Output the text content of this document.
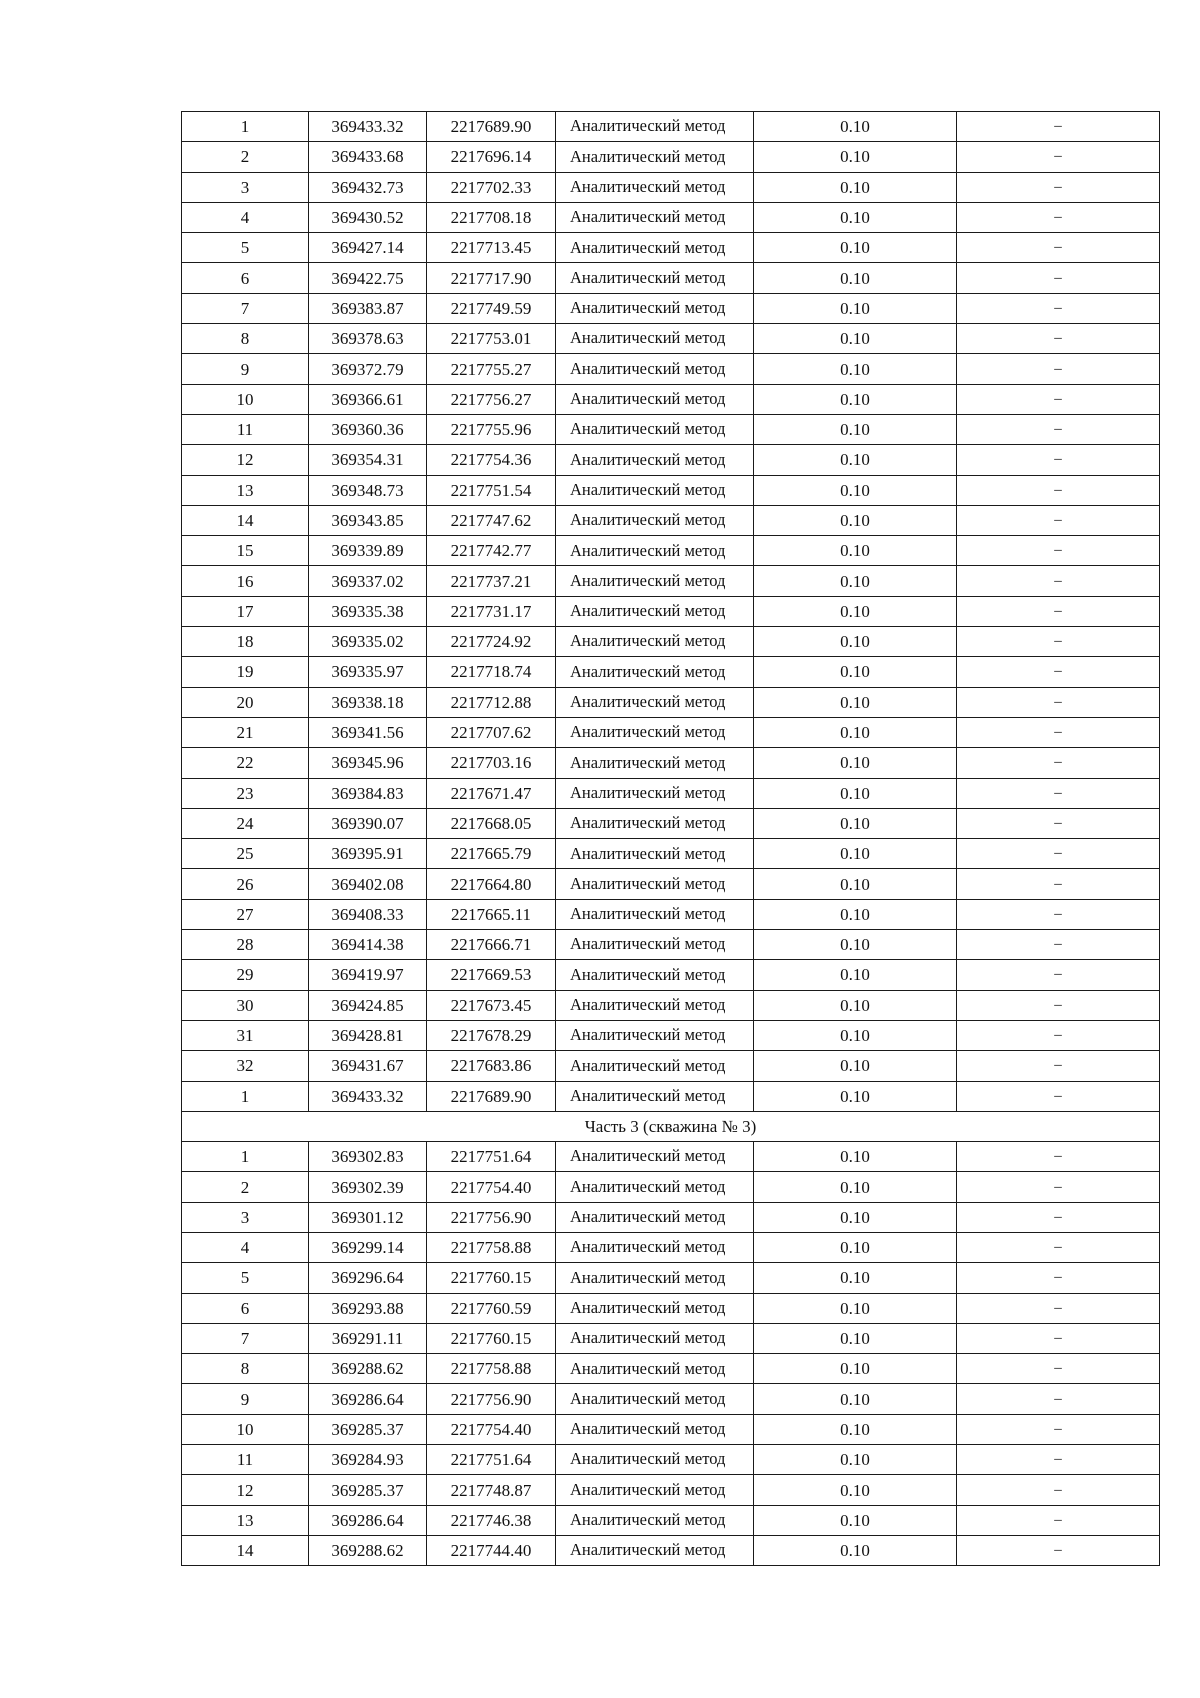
1	369433.32	2217689.90	Аналитический метод	0.10	–
2	369433.68	2217696.14	Аналитический метод	0.10	–
3	369432.73	2217702.33	Аналитический метод	0.10	–
4	369430.52	2217708.18	Аналитический метод	0.10	–
5	369427.14	2217713.45	Аналитический метод	0.10	–
6	369422.75	2217717.90	Аналитический метод	0.10	–
7	369383.87	2217749.59	Аналитический метод	0.10	–
8	369378.63	2217753.01	Аналитический метод	0.10	–
9	369372.79	2217755.27	Аналитический метод	0.10	–
10	369366.61	2217756.27	Аналитический метод	0.10	–
11	369360.36	2217755.96	Аналитический метод	0.10	–
12	369354.31	2217754.36	Аналитический метод	0.10	–
13	369348.73	2217751.54	Аналитический метод	0.10	–
14	369343.85	2217747.62	Аналитический метод	0.10	–
15	369339.89	2217742.77	Аналитический метод	0.10	–
16	369337.02	2217737.21	Аналитический метод	0.10	–
17	369335.38	2217731.17	Аналитический метод	0.10	–
18	369335.02	2217724.92	Аналитический метод	0.10	–
19	369335.97	2217718.74	Аналитический метод	0.10	–
20	369338.18	2217712.88	Аналитический метод	0.10	–
21	369341.56	2217707.62	Аналитический метод	0.10	–
22	369345.96	2217703.16	Аналитический метод	0.10	–
23	369384.83	2217671.47	Аналитический метод	0.10	–
24	369390.07	2217668.05	Аналитический метод	0.10	–
25	369395.91	2217665.79	Аналитический метод	0.10	–
26	369402.08	2217664.80	Аналитический метод	0.10	–
27	369408.33	2217665.11	Аналитический метод	0.10	–
28	369414.38	2217666.71	Аналитический метод	0.10	–
29	369419.97	2217669.53	Аналитический метод	0.10	–
30	369424.85	2217673.45	Аналитический метод	0.10	–
31	369428.81	2217678.29	Аналитический метод	0.10	–
32	369431.67	2217683.86	Аналитический метод	0.10	–
1	369433.32	2217689.90	Аналитический метод	0.10	–
Часть 3 (скважина № 3)					
1	369302.83	2217751.64	Аналитический метод	0.10	–
2	369302.39	2217754.40	Аналитический метод	0.10	–
3	369301.12	2217756.90	Аналитический метод	0.10	–
4	369299.14	2217758.88	Аналитический метод	0.10	–
5	369296.64	2217760.15	Аналитический метод	0.10	–
6	369293.88	2217760.59	Аналитический метод	0.10	–
7	369291.11	2217760.15	Аналитический метод	0.10	–
8	369288.62	2217758.88	Аналитический метод	0.10	–
9	369286.64	2217756.90	Аналитический метод	0.10	–
10	369285.37	2217754.40	Аналитический метод	0.10	–
11	369284.93	2217751.64	Аналитический метод	0.10	–
12	369285.37	2217748.87	Аналитический метод	0.10	–
13	369286.64	2217746.38	Аналитический метод	0.10	–
14	369288.62	2217744.40	Аналитический метод	0.10	–
